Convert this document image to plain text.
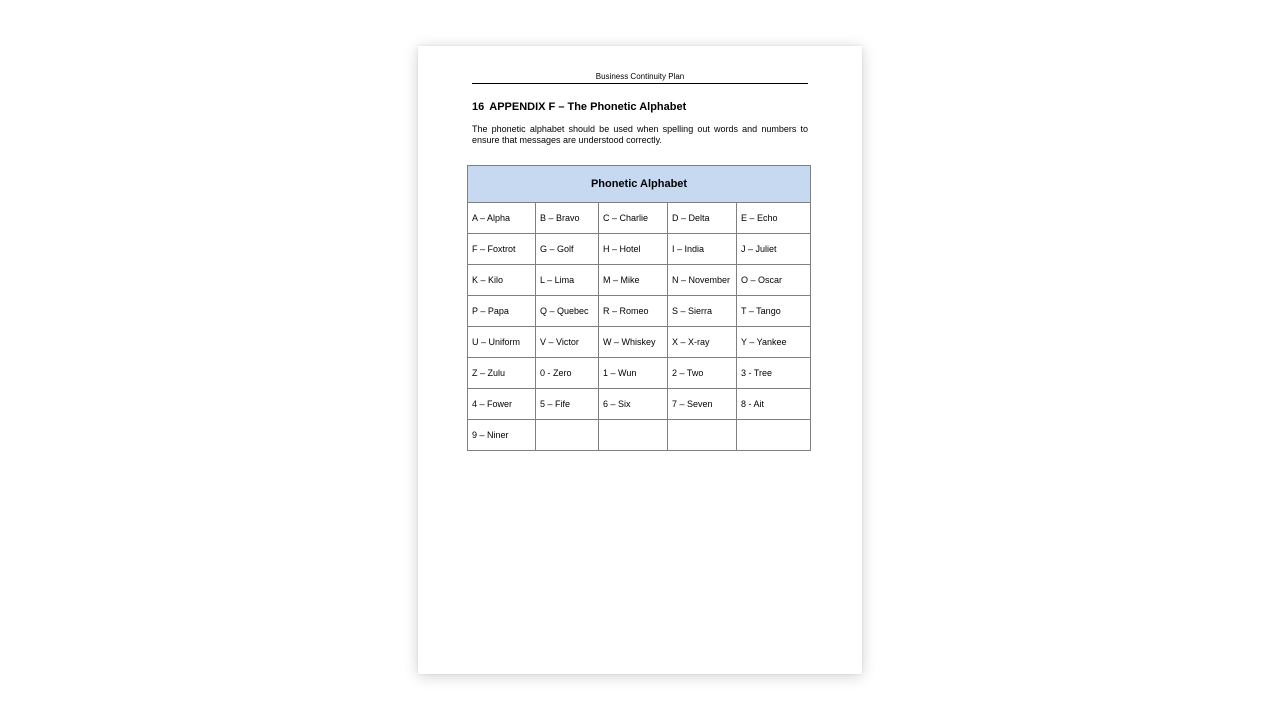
Business Continuity Plan
16 APPENDIX F – The Phonetic Alphabet
The phonetic alphabet should be used when spelling out words and numbers to ensure that messages are understood correctly.
Phonetic Alphabet				
A – Alpha	B – Bravo	C – Charlie	D – Delta	E – Echo
F – Foxtrot	G – Golf	H – Hotel	I – India	J – Juliet
K – Kilo	L – Lima	M – Mike	N – November	O – Oscar
P – Papa	Q – Quebec	R – Romeo	S – Sierra	T – Tango
U – Uniform	V – Victor	W – Whiskey	X – X-ray	Y – Yankee
Z – Zulu	0 - Zero	1 – Wun	2 – Two	3 - Tree
4 – Fower	5 – Fife	6 – Six	7 – Seven	8 - Ait
9 – Niner				
